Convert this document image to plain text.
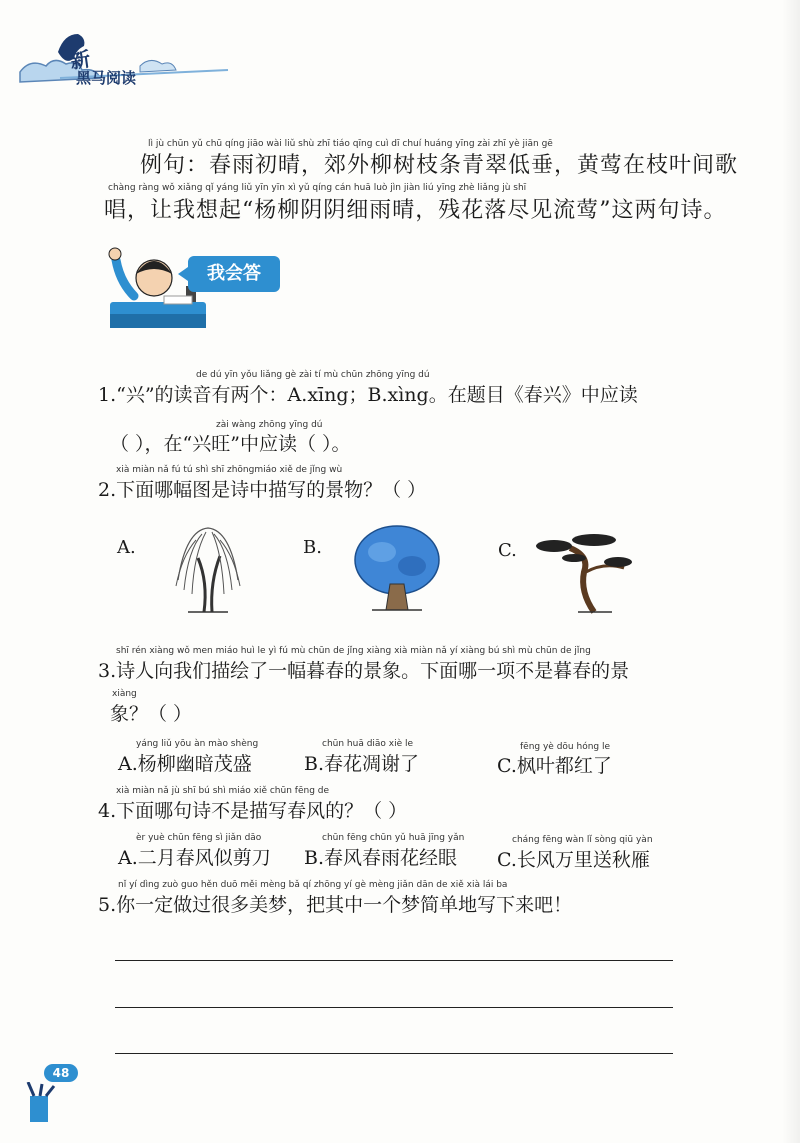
新
黑马阅读
lì jù chūn yǔ chū qíng jiāo wài liǔ shù zhī tiáo qīng cuì dī chuí huáng yīng zài zhī yè jiān gē
例句：春雨初晴，郊外柳树枝条青翠低垂，黄莺在枝叶间歌
chàng ràng wǒ xiǎng qǐ yáng liǔ yīn yīn xì yǔ qíng cán huā luò jìn jiàn liú yīng zhè liǎng jù shī
唱，让我想起“杨柳阴阴细雨晴，残花落尽见流莺”这两句诗。
我会答
de dú yīn yǒu liǎng gè zài tí mù chūn zhōng yīng dú
1.“兴”的读音有两个：A.xīng；B.xìng。在题目《春兴》中应读
zài wàng zhōng yīng dú
（ ），在“兴旺”中应读（ ）。
xià miàn nǎ fú tú shì shī zhōngmiáo xiě de jǐng wù
2.下面哪幅图是诗中描写的景物？（ ）
A.	B.	C.
shī rén xiàng wǒ men miáo huì le yì fú mù chūn de jǐng xiàng xià miàn nǎ yí xiàng bú shì mù chūn de jǐng
3.诗人向我们描绘了一幅暮春的景象。下面哪一项不是暮春的景
xiàng
象？（ ）
yáng liǔ yōu àn mào shèng
A.杨柳幽暗茂盛
chūn huā diāo xiè le
B.春花凋谢了
fēng yè dōu hóng le
C.枫叶都红了
xià miàn nǎ jù shī bú shì miáo xiě chūn fēng de
4.下面哪句诗不是描写春风的？（ ）
èr yuè chūn fēng sì jiǎn dāo
A.二月春风似剪刀
chūn fēng chūn yǔ huā jīng yǎn
B.春风春雨花经眼
cháng fēng wàn lǐ sòng qiū yàn
C.长风万里送秋雁
nǐ yí dìng zuò guo hěn duō měi mèng bǎ qí zhōng yí gè mèng jiǎn dān de xiě xià lái ba
5.你一定做过很多美梦，把其中一个梦简单地写下来吧！
48
